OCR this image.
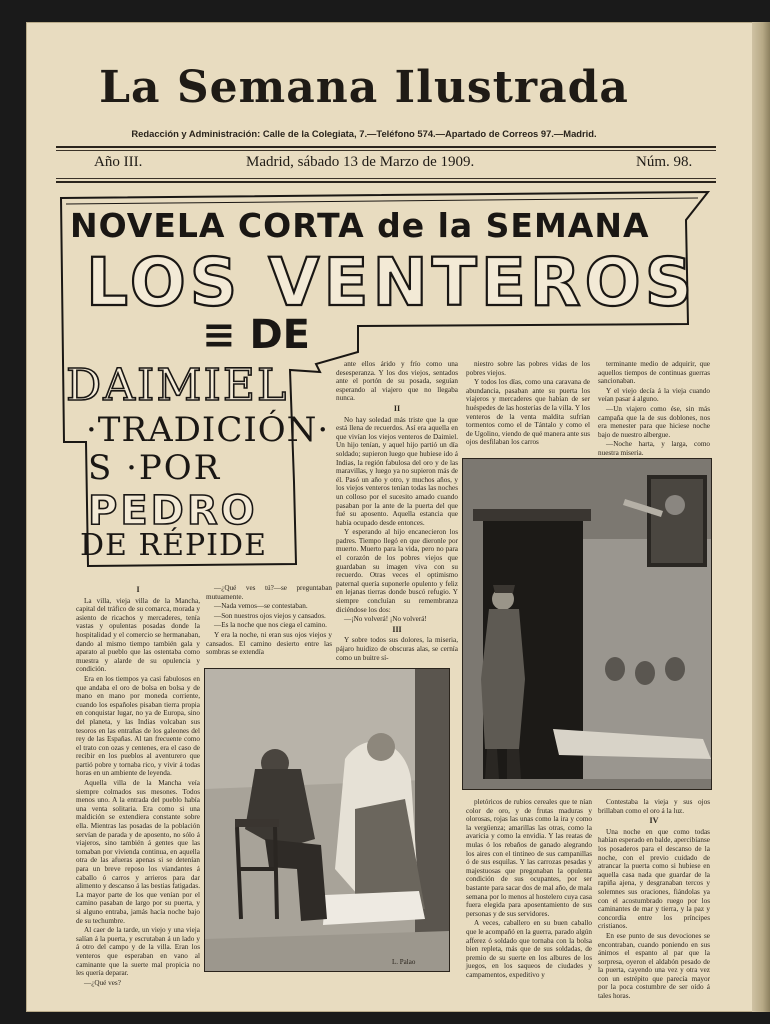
La Semana Ilustrada
Redacción y Administración: Calle de la Colegiata, 7.—Teléfono 574.—Apartado de Correos 97.—Madrid.
Año III.	Madrid, sábado 13 de Marzo de 1909.	Núm. 98.
NOVELA CORTA de la SEMANA
LOS VENTEROS
≡ DE
DAIMIEL
·TRADICIÓN·
S ·POR
PEDRO
DE RÉPIDE

ante ellos árido y frío como una desesperanza. Y los dos viejos, sentados ante el portón de su posada, seguían esperando al viajero que no llegaba nunca.

II

No hay soledad más triste que la que está llena de recuerdos. Así era aquella en que vivían los viejos venteros de Daimiel. Un hijo tenían, y aquel hijo partió un día soldado; supieron luego que hubiese ido á Indias, la región fabulosa del oro y de las maravillas, y luego ya no supieron más de él. Pasó un año y otro, y muchos años, y los viejos venteros tenían todas las noches un colloso por el sucesito amado cuando pasaban por la ante de la puerta del que fué su aposento. Aquella estancia que había ocupado desde entonces.

Y esperando al hijo encanecieron los padres. Tiempo llegó en que dieronle por muerto. Muerto para la vida, pero no para el corazón de los pobres viejos que guardaban su imagen viva con su recuerdo. Otras veces el optimismo paternal quería suponerle opulento y feliz en lejanas tierras donde buscó refugio. Y siempre concluían su remembranza diciéndose los dos:

—¡No volverá! ¡No volverá!

III

Y sobre todos sus dolores, la miseria, pájaro huidizo de obscuras alas, se cernía como un buitre sí-

niestro sobre las pobres vidas de los pobres viejos.

Y todos los días, como una caravana de abundancia, pasaban ante su puerta los viajeros y mercaderes que habían de ser huéspedes de las hosterías de la villa. Y los venteros de la venta maldita sufrían tormentos como el de Tántalo y como el de Ugolino, viendo de qué manera ante sus ojos desfilaban los carros

terminante medio de adquirir, que aquellos tiempos de continuas guerras sancionaban.

Y el viejo decía á la vieja cuando veían pasar á alguno.

—Un viajero como ése, sin más campaña que la de sus doblones, nos era menester para que hiciese noche bajo de nuestro albergue.

—Noche harta, y larga, como nuestra miseria.

I

La villa, vieja villa de la Mancha, capital del tráfico de su comarca, morada y asiento de ricachos y mercaderes, tenía vastas y opulentas posadas donde la hospitalidad y el comercio se hermanaban, dando al mismo tiempo también gala y aparato al pueblo que las ostentaba como muestra y alarde de su opulencia y condición.

Era en los tiempos ya casi fabulosos en que andaba el oro de bolsa en bolsa y de mano en mano por moneda corriente, cuando los españoles pisaban tierra propia en conquistar lugar, no ya de Europa, sino del planeta, y las Indias volcaban sus tesoros en las entrañas de los galeones del rey de las Españas. Al tan frecuente como el trato con ozas y centenes, era el caso de recibir en los pueblos al aventurero que partió pobre y tornaba rico, y vivir á todas horas en un ambiente de leyenda.

Aquella villa de la Mancha veía siempre colmados sus mesones. Todos menos uno. A la entrada del pueblo había una venta solitaria. Era como si una maldición se extendiera constante sobre ella. Mientras las posadas de la población servían de parada y de aposento, no sólo á viajeros, sino también á gentes que las tomaban por vivienda continua, en aquella otra de las afueras apenas si se detenían para un breve reposo los viandantes á caballo ó carros y arrieros para dar alimento y descanso á las bestias fatigadas. La mayor parte de los que venían por el camino pasaban de largo por su puerta, y si alguno entraba, jamás hacía noche bajo de su techumbre.

Al caer de la tarde, un viejo y una vieja salían á la puerta, y escrutaban á un lado y á otro del campo y de la villa. Eran los venteros que esperaban en vano al caminante que la suerte mal propicia no les quería deparar.

—¿Qué ves?

—¿Qué ves tú?—se preguntaban mutuamente.

—Nada vemos—se contestaban.

—Son nuestros ojos viejos y cansados.

—Es la noche que nos ciega el camino.

Y era la noche, ni eran sus ojos viejos y cansados. El camino desierto entre las sombras se extendía

L. Palao

pletóricos de rubios cereales que te nían color de oro, y de frutas maduras y olorosas, rojas las unas como la ira y como la vergüenza; amarillas las otras, como la avaricia y como la envidia. Y las reatas de mulas ó los rebaños de ganado alegrando los aires con el tintineo de sus campanillas ó de sus esquilas. Y las carrozas pesadas y majestuosas que pregonaban la opulenta condición de sus ocupantes, por ser bastante para sacar dos de mal año, de mala semana por lo menos al hostelero cuya casa fuera elegida para aposentamiento de sus personas y de sus servidores.

A veces, caballero en su buen caballo que le acompañó en la guerra, parado algún afferez ó soldado que tornaba con la bolsa bien repleta, más que de sus soldadas, de premio de su suerte en los albures de los juegos, en los saqueos de ciudades y campamentos, expeditivo y

Contestaba la vieja y sus ojos brillaban como el oro á la luz.

IV

Una noche en que como todas habían esperado en balde, apercibíanse los posaderos para el descanso de la noche, con el previo cuidado de atrancar la puerta como si hubiese en aquella casa nada que guardar de la rapiña ajena, y desgranaban tercos y solemnes sus oraciones, fiándolas ya con el acostumbrado ruego por los caminantes de mar y tierra, y la paz y concordia entre los príncipes cristianos.

En ese punto de sus devociones se encontraban, cuando poniendo en sus ánimos el espanto al par que la sorpresa, oyeron el aldabón pesado de la puerta, cayendo una vez y otra vez con un estrépito que parecía mayor por la poca costumbre de ser oído á tales horas.
